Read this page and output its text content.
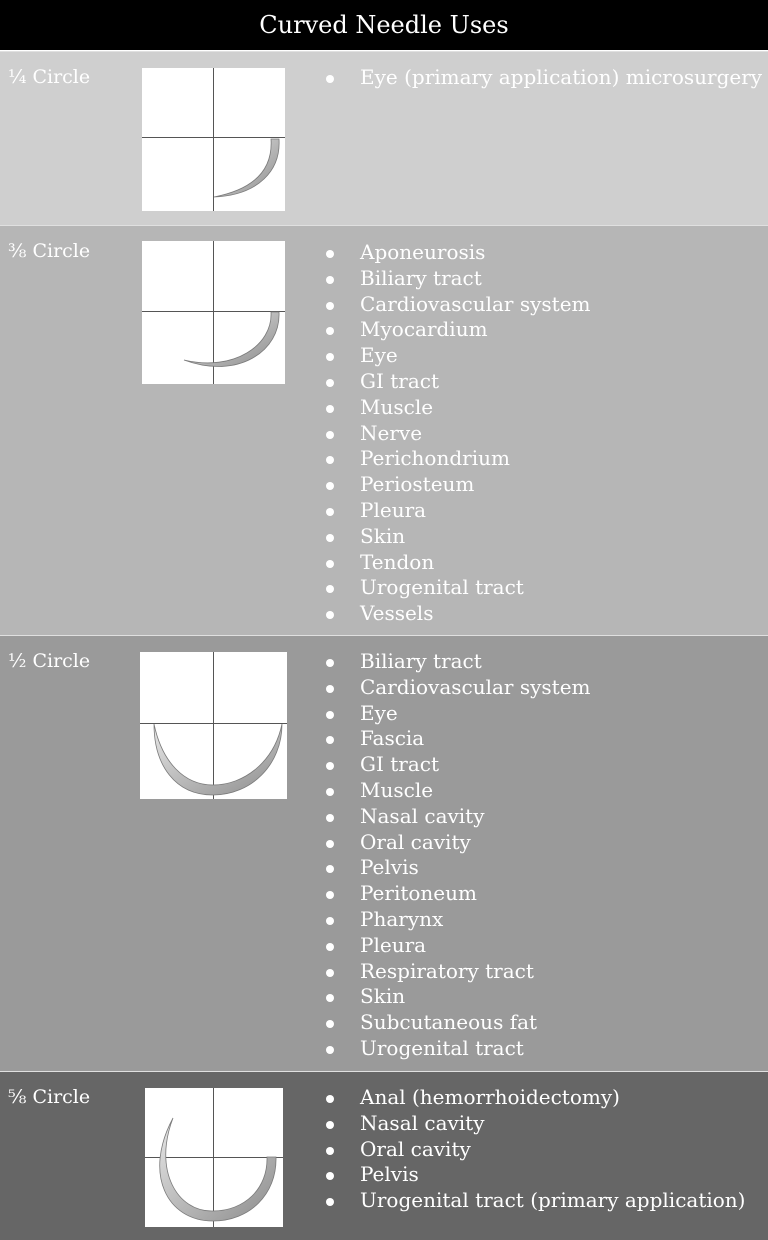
Curved Needle Uses
¼ Circle	Eye (primary application) microsurgery
⅜ Circle	Aponeurosis
Biliary tract
Cardiovascular system
Myocardium
Eye
GI tract
Muscle
Nerve
Perichondrium
Periosteum
Pleura
Skin
Tendon
Urogenital tract
Vessels
½ Circle	Biliary tract
Cardiovascular system
Eye
Fascia
GI tract
Muscle
Nasal cavity
Oral cavity
Pelvis
Peritoneum
Pharynx
Pleura
Respiratory tract
Skin
Subcutaneous fat
Urogenital tract
⅝ Circle	Anal (hemorrhoidectomy)
Nasal cavity
Oral cavity
Pelvis
Urogenital tract (primary application)
